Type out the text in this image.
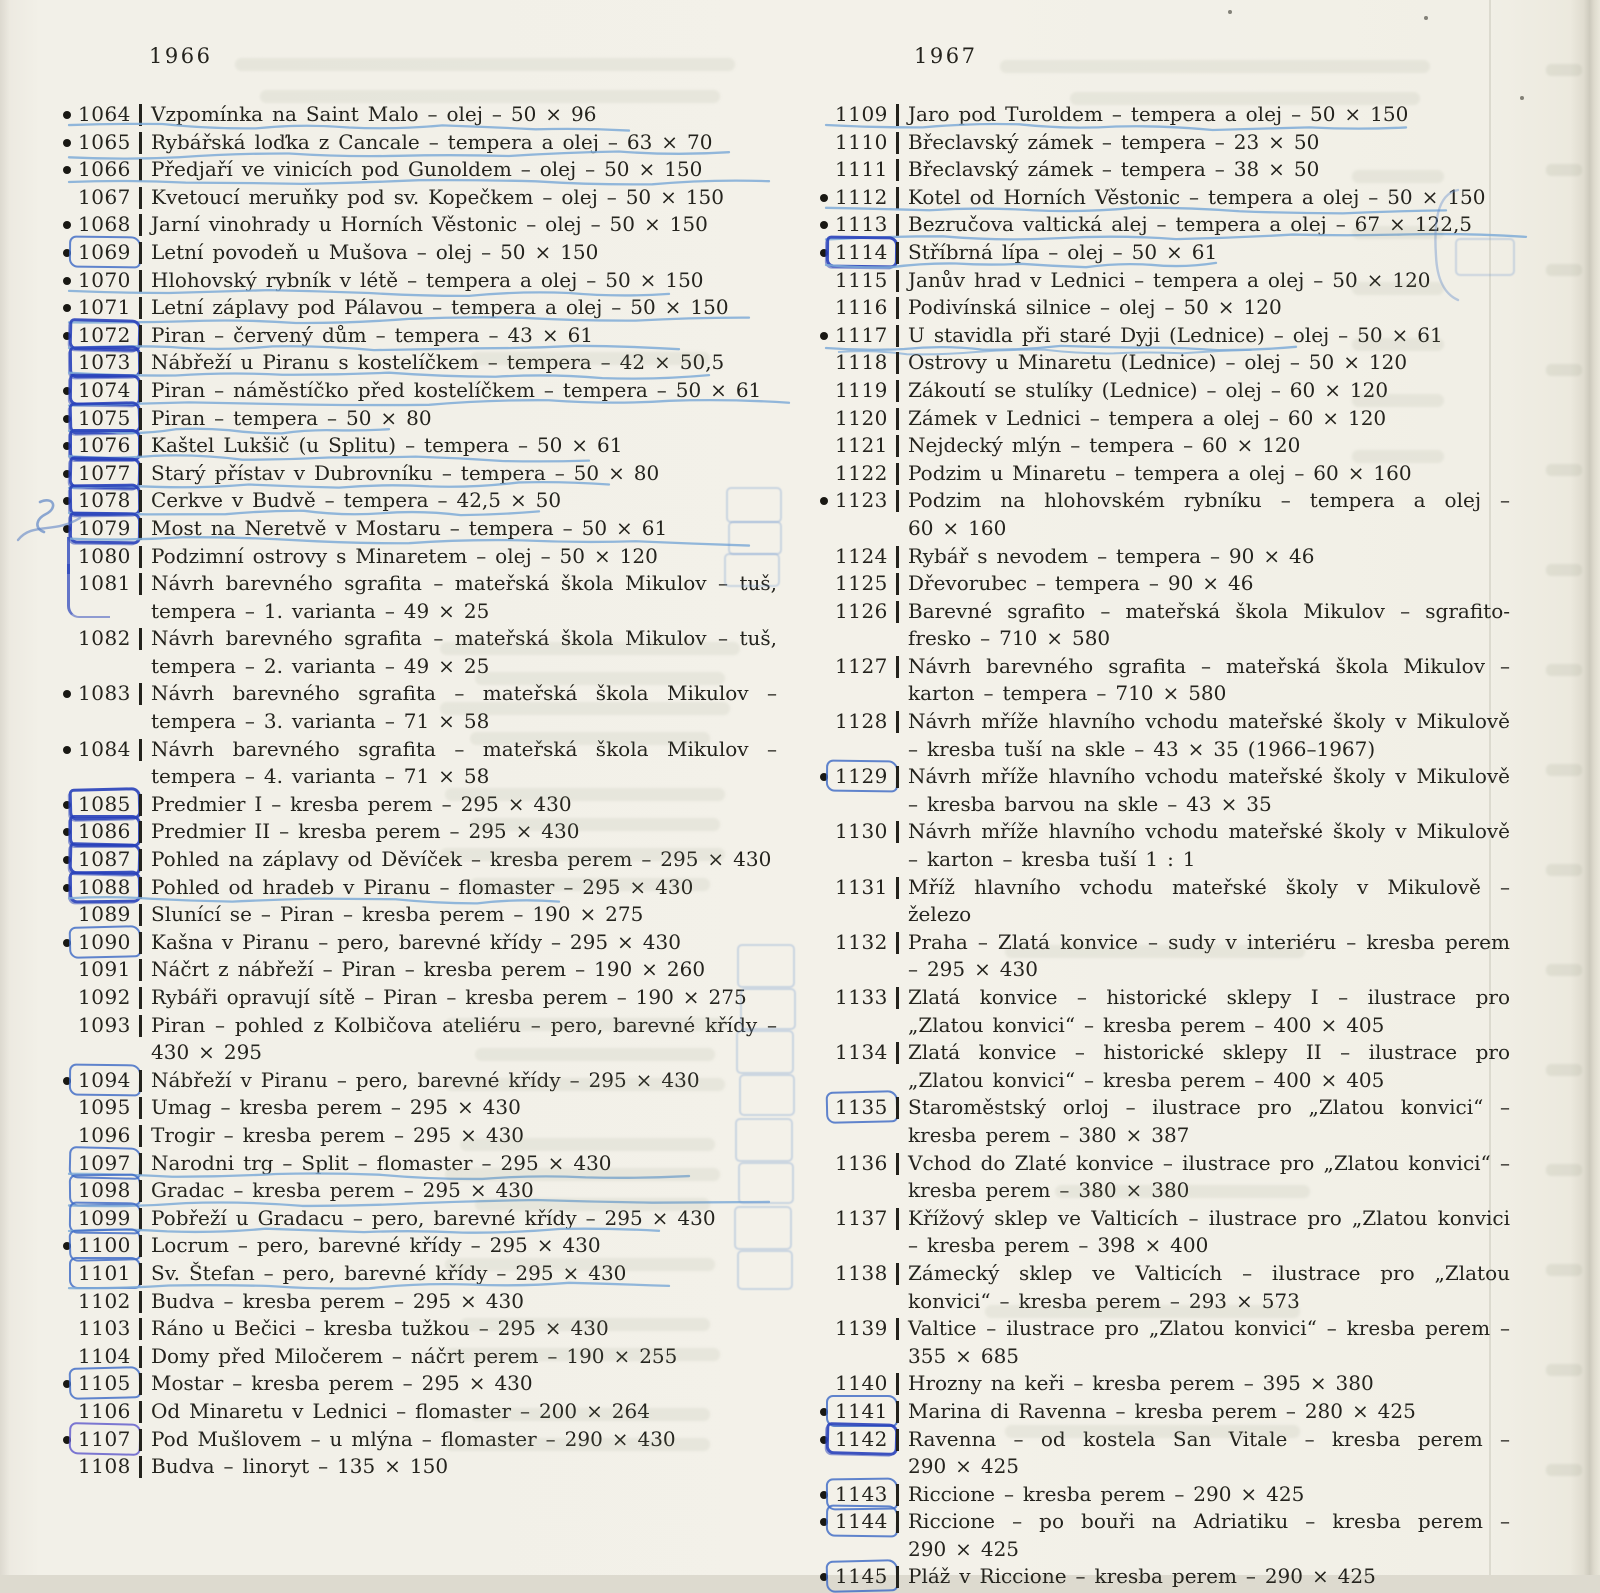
1966	1967
1064 Vzpomínka na Saint Malo – olej – 50 × 96
1065 Rybářská loďka z Cancale – tempera a olej – 63 × 70
1066 Předjaří ve vinicích pod Gunoldem – olej – 50 × 150
1067 Kvetoucí meruňky pod sv. Kopečkem – olej – 50 × 150
1068 Jarní vinohrady u Horních Věstonic – olej – 50 × 150
1069 Letní povodeň u Mušova – olej – 50 × 150
1070 Hlohovský rybník v létě – tempera a olej – 50 × 150
1071 Letní záplavy pod Pálavou – tempera a olej – 50 × 150
1072 Piran – červený dům – tempera – 43 × 61
1073 Nábřeží u Piranu s kostelíčkem – tempera – 42 × 50,5
1074 Piran – náměstíčko před kostelíčkem – tempera – 50 × 61
1075 Piran – tempera – 50 × 80
1076 Kaštel Lukšič (u Splitu) – tempera – 50 × 61
1077 Starý přístav v Dubrovníku – tempera – 50 × 80
1078 Cerkve v Budvě – tempera – 42,5 × 50
1079 Most na Neretvě v Mostaru – tempera – 50 × 61
1080 Podzimní ostrovy s Minaretem – olej – 50 × 120
1081 Návrh barevného sgrafita – mateřská škola Mikulov – tuš, tempera – 1. varianta – 49 × 25
1082 Návrh barevného sgrafita – mateřská škola Mikulov – tuš, tempera – 2. varianta – 49 × 25
1083 Návrh barevného sgrafita – mateřská škola Mikulov – tempera – 3. varianta – 71 × 58
1084 Návrh barevného sgrafita – mateřská škola Mikulov – tempera – 4. varianta – 71 × 58
1085 Predmier I – kresba perem – 295 × 430
1086 Predmier II – kresba perem – 295 × 430
1087 Pohled na záplavy od Děvíček – kresba perem – 295 × 430
1088 Pohled od hradeb v Piranu – flomaster – 295 × 430
1089 Slunící se – Piran – kresba perem – 190 × 275
1090 Kašna v Piranu – pero, barevné křídy – 295 × 430
1091 Náčrt z nábřeží – Piran – kresba perem – 190 × 260
1092 Rybáři opravují sítě – Piran – kresba perem – 190 × 275
1093 Piran – pohled z Kolbičova ateliéru – pero, barevné křídy – 430 × 295
1094 Nábřeží v Piranu – pero, barevné křídy – 295 × 430
1095 Umag – kresba perem – 295 × 430
1096 Trogir – kresba perem – 295 × 430
1097 Narodni trg – Split – flomaster – 295 × 430
1098 Gradac – kresba perem – 295 × 430
1099 Pobřeží u Gradacu – pero, barevné křídy – 295 × 430
1100 Locrum – pero, barevné křídy – 295 × 430
1101 Sv. Štefan – pero, barevné křídy – 295 × 430
1102 Budva – kresba perem – 295 × 430
1103 Ráno u Bečici – kresba tužkou – 295 × 430
1104 Domy před Miločerem – náčrt perem – 190 × 255
1105 Mostar – kresba perem – 295 × 430
1106 Od Minaretu v Lednici – flomaster – 200 × 264
1107 Pod Mušlovem – u mlýna – flomaster – 290 × 430
1108 Budva – linoryt – 135 × 150
1109 Jaro pod Turoldem – tempera a olej – 50 × 150
1110 Břeclavský zámek – tempera – 23 × 50
1111 Břeclavský zámek – tempera – 38 × 50
1112 Kotel od Horních Věstonic – tempera a olej – 50 × 150
1113 Bezručova valtická alej – tempera a olej – 67 × 122,5
1114 Stříbrná lípa – olej – 50 × 61
1115 Janův hrad v Lednici – tempera a olej – 50 × 120
1116 Podivínská silnice – olej – 50 × 120
1117 U stavidla při staré Dyji (Lednice) – olej – 50 × 61
1118 Ostrovy u Minaretu (Lednice) – olej – 50 × 120
1119 Zákoutí se stulíky (Lednice) – olej – 60 × 120
1120 Zámek v Lednici – tempera a olej – 60 × 120
1121 Nejdecký mlýn – tempera – 60 × 120
1122 Podzim u Minaretu – tempera a olej – 60 × 160
1123 Podzim na hlohovském rybníku – tempera a olej – 60 × 160
1124 Rybář s nevodem – tempera – 90 × 46
1125 Dřevorubec – tempera – 90 × 46
1126 Barevné sgrafito – mateřská škola Mikulov – sgrafito-fresko – 710 × 580
1127 Návrh barevného sgrafita – mateřská škola Mikulov – karton – tempera – 710 × 580
1128 Návrh mříže hlavního vchodu mateřské školy v Mikulově – kresba tuší na skle – 43 × 35 (1966–1967)
1129 Návrh mříže hlavního vchodu mateřské školy v Mikulově – kresba barvou na skle – 43 × 35
1130 Návrh mříže hlavního vchodu mateřské školy v Mikulově – karton – kresba tuší 1 : 1
1131 Mříž hlavního vchodu mateřské školy v Mikulově – železo
1132 Praha – Zlatá konvice – sudy v interiéru – kresba perem – 295 × 430
1133 Zlatá konvice – historické sklepy I – ilustrace pro „Zlatou konvici“ – kresba perem – 400 × 405
1134 Zlatá konvice – historické sklepy II – ilustrace pro „Zlatou konvici“ – kresba perem – 400 × 405
1135 Staroměstský orloj – ilustrace pro „Zlatou konvici“ – kresba perem – 380 × 387
1136 Vchod do Zlaté konvice – ilustrace pro „Zlatou konvici“ – kresba perem – 380 × 380
1137 Křížový sklep ve Valticích – ilustrace pro „Zlatou konvici – kresba perem – 398 × 400
1138 Zámecký sklep ve Valticích – ilustrace pro „Zlatou konvici“ – kresba perem – 293 × 573
1139 Valtice – ilustrace pro „Zlatou konvici“ – kresba perem – 355 × 685
1140 Hrozny na keři – kresba perem – 395 × 380
1141 Marina di Ravenna – kresba perem – 280 × 425
1142 Ravenna – od kostela San Vitale – kresba perem – 290 × 425
1143 Riccione – kresba perem – 290 × 425
1144 Riccione – po bouři na Adriatiku – kresba perem – 290 × 425
1145 Pláž v Riccione – kresba perem – 290 × 425
